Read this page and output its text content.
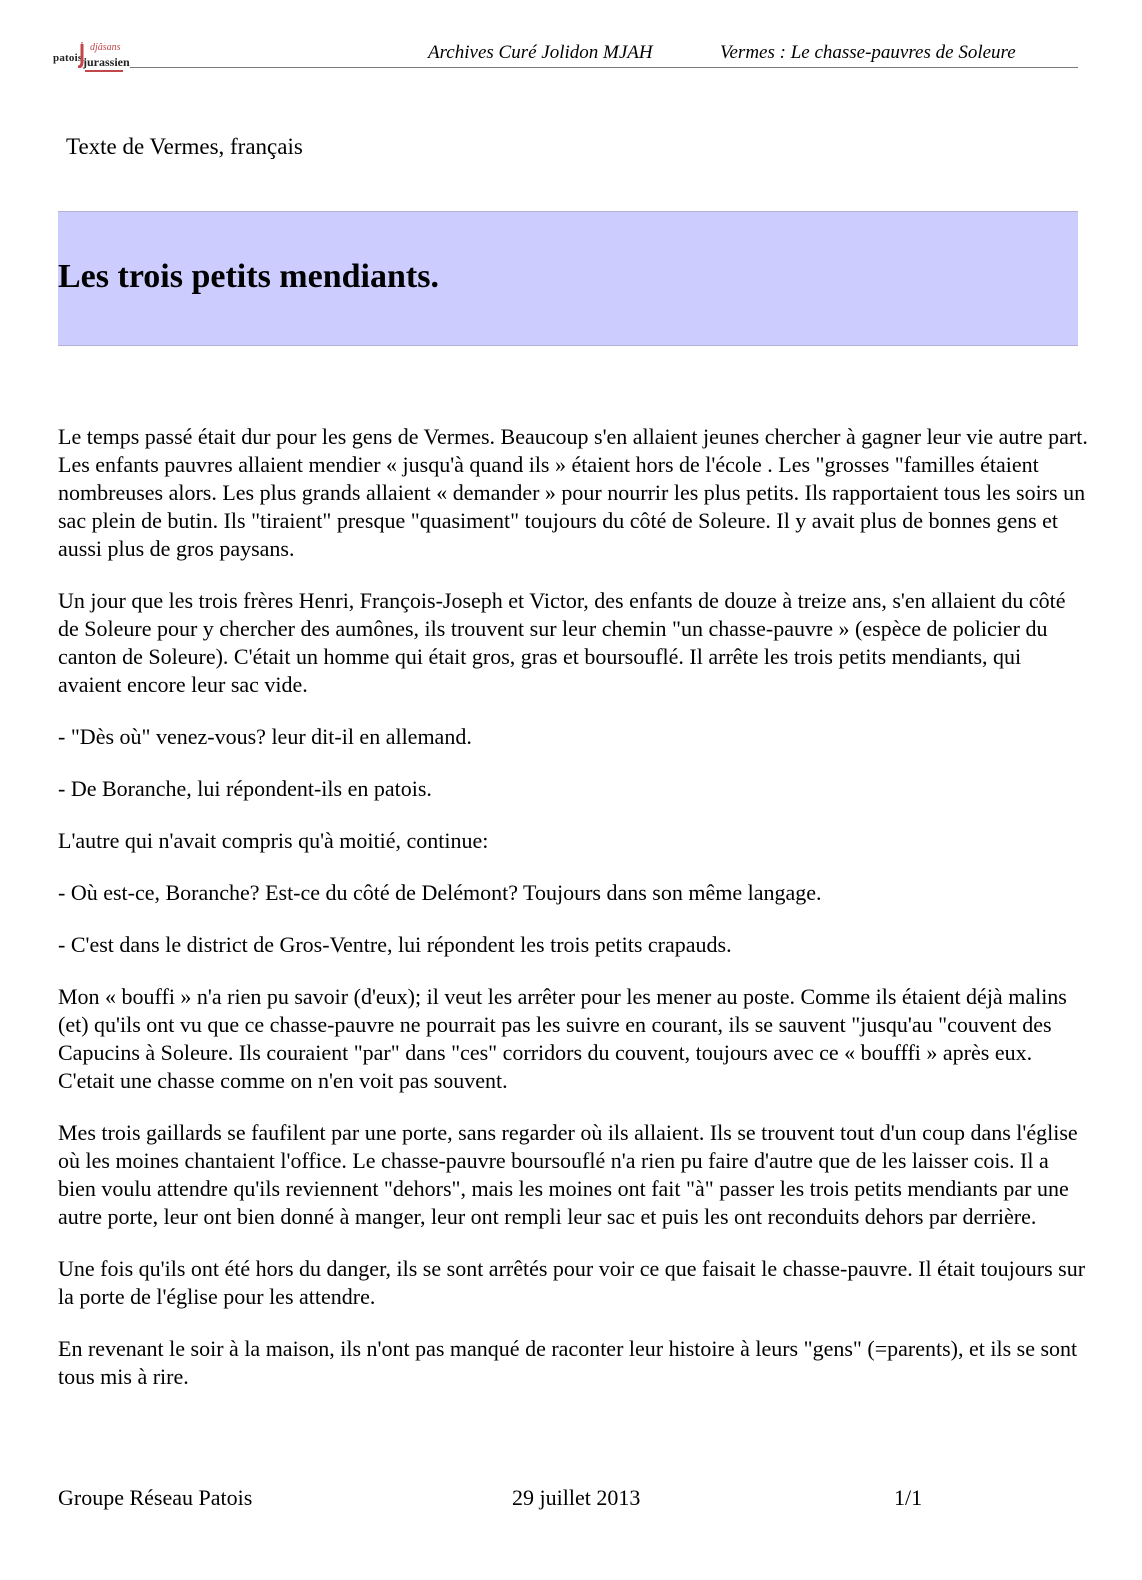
patois
djâsans
jurassien	Archives Curé Jolidon MJAH	Vermes : Le chasse-pauvres de Soleure
Texte de Vermes, français
Les trois petits mendiants.

Le temps passé était dur pour les gens de Vermes. Beaucoup s'en allaient jeunes chercher à gagner leur vie autre part. Les enfants pauvres allaient mendier « jusqu'à quand ils » étaient hors de l'école . Les "grosses "familles étaient nombreuses alors. Les plus grands allaient « demander » pour nourrir les plus petits. Ils rapportaient tous les soirs un sac plein de butin. Ils "tiraient" presque "quasiment" toujours du côté de Soleure. Il y avait plus de bonnes gens et aussi plus de gros paysans.

Un jour que les trois frères Henri, François-Joseph et Victor, des enfants de douze à treize ans, s'en allaient du côté de Soleure pour y chercher des aumônes, ils trouvent sur leur chemin "un chasse-pauvre » (espèce de policier du canton de Soleure). C'était un homme qui était gros, gras et boursouflé. Il arrête les trois petits mendiants, qui avaient encore leur sac vide.

- "Dès où" venez-vous? leur dit-il en allemand.

- De Boranche, lui répondent-ils en patois.

L'autre qui n'avait compris qu'à moitié, continue:

- Où est-ce, Boranche? Est-ce du côté de Delémont? Toujours dans son même langage.

- C'est dans le district de Gros-Ventre, lui répondent les trois petits crapauds.

Mon « bouffi » n'a rien pu savoir (d'eux); il veut les arrêter pour les mener au poste. Comme ils étaient déjà malins (et) qu'ils ont vu que ce chasse-pauvre ne pourrait pas les suivre en courant, ils se sauvent "jusqu'au "couvent des Capucins à Soleure. Ils couraient "par" dans "ces" corridors du couvent, toujours avec ce « boufffi » après eux. C'etait une chasse comme on n'en voit pas souvent.

Mes trois gaillards se faufilent par une porte, sans regarder où ils allaient. Ils se trouvent tout d'un coup dans l'église où les moines chantaient l'office. Le chasse-pauvre boursouflé n'a rien pu faire d'autre que de les laisser cois. Il a bien voulu attendre qu'ils reviennent "dehors", mais les moines ont fait "à" passer les trois petits mendiants par une autre porte, leur ont bien donné à manger, leur ont rempli leur sac et puis les ont reconduits dehors par derrière.

Une fois qu'ils ont été hors du danger, ils se sont arrêtés pour voir ce que faisait le chasse-pauvre. Il était toujours sur la porte de l'église pour les attendre.

En revenant le soir à la maison, ils n'ont pas manqué de raconter leur histoire à leurs "gens" (=parents), et ils se sont tous mis à rire.

Groupe Réseau Patois	29 juillet 2013	1/1
